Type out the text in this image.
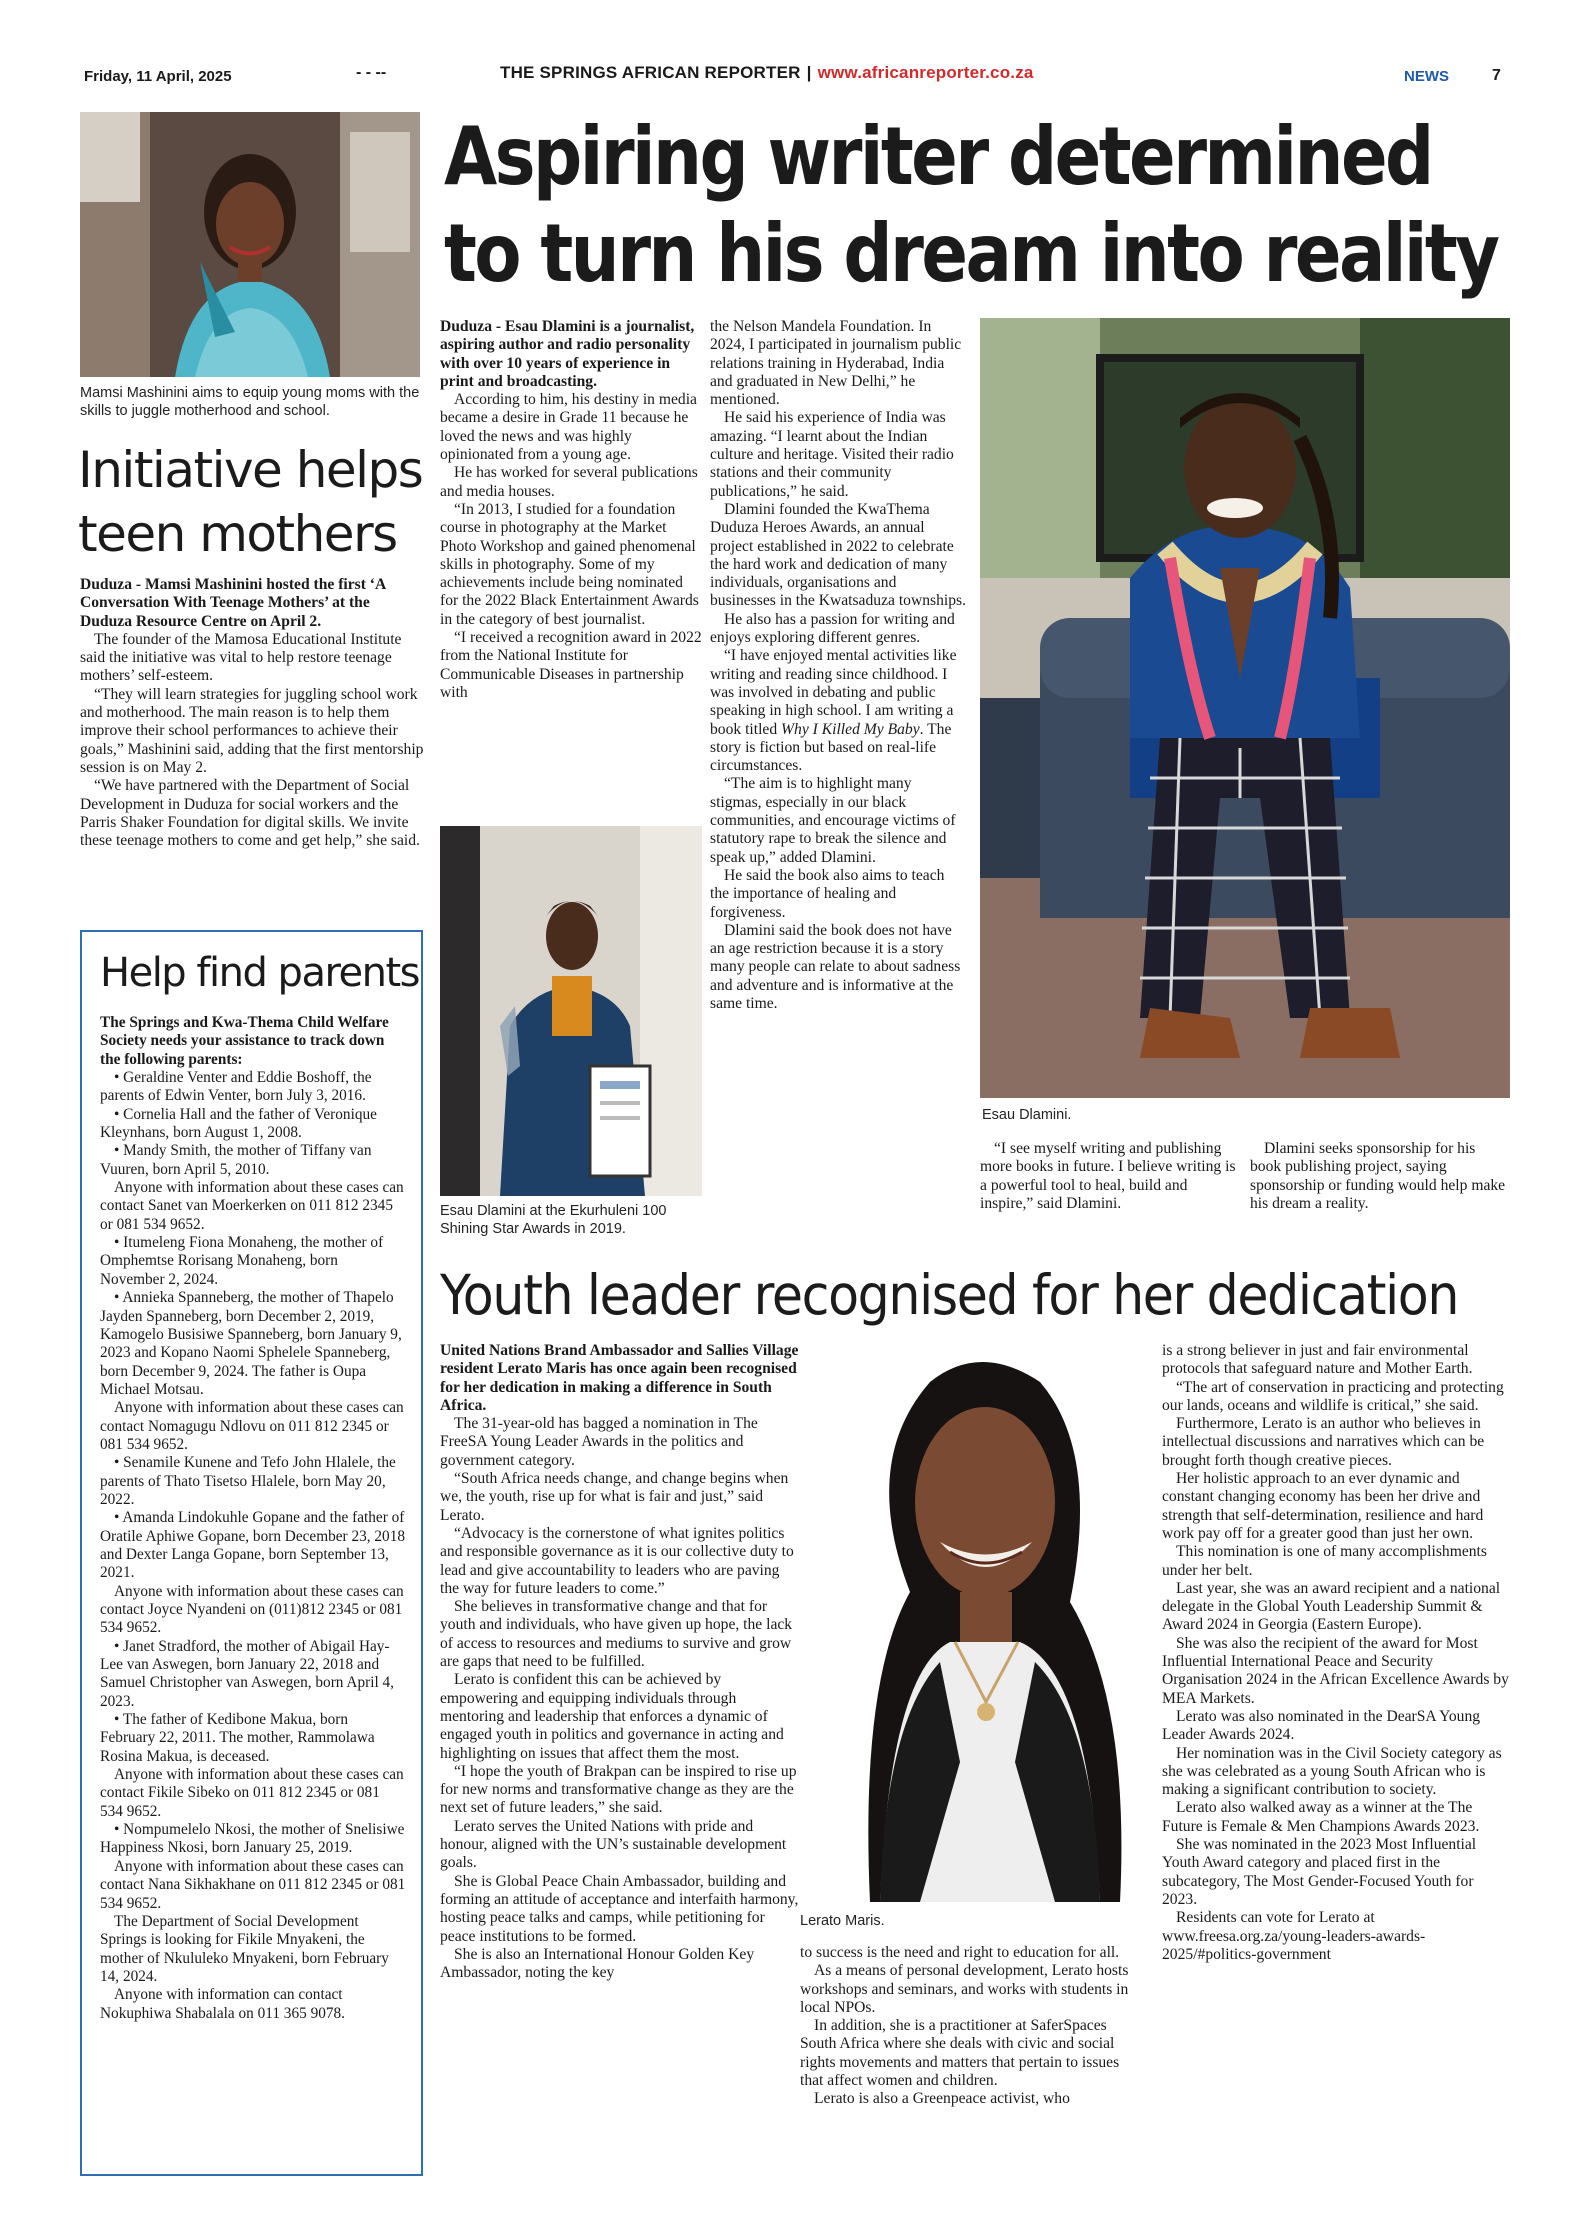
Friday, 11 April, 2025	- - --	THE SPRINGS AFRICAN REPORTER | www.africanreporter.co.za	NEWS	7
Mamsi Mashinini aims to equip young moms with the skills to juggle motherhood and school.
Initiative helps teen mothers

Duduza - Mamsi Mashinini hosted the first ‘A Conversation With Teenage Mothers’ at the Duduza Resource Centre on April 2.

The founder of the Mamosa Educational Institute said the initiative was vital to help restore teenage mothers’ self-esteem.

“They will learn strategies for juggling school work and motherhood. The main reason is to help them improve their school performances to achieve their goals,” Mashinini said, adding that the first mentorship session is on May 2.

“We have partnered with the Department of Social Development in Duduza for social workers and the Parris Shaker Foundation for digital skills. We invite these teenage mothers to come and get help,” she said.

Help find parents

The Springs and Kwa-Thema Child Welfare Society needs your assistance to track down the following parents:

• Geraldine Venter and Eddie Boshoff, the parents of Edwin Venter, born July 3, 2016.

• Cornelia Hall and the father of Veronique Kleynhans, born August 1, 2008.

• Mandy Smith, the mother of Tiffany van Vuuren, born April 5, 2010.

Anyone with information about these cases can contact Sanet van Moerkerken on 011 812 2345 or 081 534 9652.

• Itumeleng Fiona Monaheng, the mother of Omphemtse Rorisang Monaheng, born November 2, 2024.

• Annieka Spanneberg, the mother of Thapelo Jayden Spanneberg, born December 2, 2019, Kamogelo Busisiwe Spanneberg, born January 9, 2023 and Kopano Naomi Sphelele Spanneberg, born December 9, 2024. The father is Oupa Michael Motsau.

Anyone with information about these cases can contact Nomagugu Ndlovu on 011 812 2345 or 081 534 9652.

• Senamile Kunene and Tefo John Hlalele, the parents of Thato Tisetso Hlalele, born May 20, 2022.

• Amanda Lindokuhle Gopane and the father of Oratile Aphiwe Gopane, born December 23, 2018 and Dexter Langa Gopane, born September 13, 2021.

Anyone with information about these cases can contact Joyce Nyandeni on (011)812 2345 or 081 534 9652.

• Janet Stradford, the mother of Abigail Hay-Lee van Aswegen, born January 22, 2018 and Samuel Christopher van Aswegen, born April 4, 2023.

• The father of Kedibone Makua, born February 22, 2011. The mother, Rammolawa Rosina Makua, is deceased.

Anyone with information about these cases can contact Fikile Sibeko on 011 812 2345 or 081 534 9652.

• Nompumelelo Nkosi, the mother of Snelisiwe Happiness Nkosi, born January 25, 2019.

Anyone with information about these cases can contact Nana Sikhakhane on 011 812 2345 or 081 534 9652.

The Department of Social Development Springs is looking for Fikile Mnyakeni, the mother of Nkululeko Mnyakeni, born February 14, 2024.

Anyone with information can contact Nokuphiwa Shabalala on 011 365 9078.

Aspiring writer determined
to turn his dream into reality

Duduza - Esau Dlamini is a journalist, aspiring author and radio personality with over 10 years of experience in print and broadcasting.

According to him, his destiny in media became a desire in Grade 11 because he loved the news and was highly opinionated from a young age.

He has worked for several publications and media houses.

“In 2013, I studied for a foundation course in photography at the Market Photo Workshop and gained phenomenal skills in photography. Some of my achievements include being nominated for the 2022 Black Entertainment Awards in the category of best journalist.

“I received a recognition award in 2022 from the National Institute for Communicable Diseases in partnership with

Esau Dlamini at the Ekurhuleni 100 Shining Star Awards in 2019.

the Nelson Mandela Foundation. In 2024, I participated in journalism public relations training in Hyderabad, India and graduated in New Delhi,” he mentioned.

He said his experience of India was amazing. “I learnt about the Indian culture and heritage. Visited their radio stations and their community publications,” he said.

Dlamini founded the KwaThema Duduza Heroes Awards, an annual project established in 2022 to celebrate the hard work and dedication of many individuals, organisations and businesses in the Kwatsaduza townships.

He also has a passion for writing and enjoys exploring different genres.

“I have enjoyed mental activities like writing and reading since childhood. I was involved in debating and public speaking in high school. I am writing a book titled Why I Killed My Baby. The story is fiction but based on real-life circumstances.

“The aim is to highlight many stigmas, especially in our black communities, and encourage victims of statutory rape to break the silence and speak up,” added Dlamini.

He said the book also aims to teach the importance of healing and forgiveness.

Dlamini said the book does not have an age restriction because it is a story many people can relate to about sadness and adventure and is informative at the same time.

Esau Dlamini.

“I see myself writing and publishing more books in future. I believe writing is a powerful tool to heal, build and inspire,” said Dlamini.

Dlamini seeks sponsorship for his book publishing project, saying sponsorship or funding would help make his dream a reality.

Youth leader recognised for her dedication

United Nations Brand Ambassador and Sallies Village resident Lerato Maris has once again been recognised for her dedication in making a difference in South Africa.

The 31-year-old has bagged a nomination in The FreeSA Young Leader Awards in the politics and government category.

“South Africa needs change, and change begins when we, the youth, rise up for what is fair and just,” said Lerato.

“Advocacy is the cornerstone of what ignites politics and responsible governance as it is our collective duty to lead and give accountability to leaders who are paving the way for future leaders to come.”

She believes in transformative change and that for youth and individuals, who have given up hope, the lack of access to resources and mediums to survive and grow are gaps that need to be fulfilled.

Lerato is confident this can be achieved by empowering and equipping individuals through mentoring and leadership that enforces a dynamic of engaged youth in politics and governance in acting and highlighting on issues that affect them the most.

“I hope the youth of Brakpan can be inspired to rise up for new norms and transformative change as they are the next set of future leaders,” she said.

Lerato serves the United Nations with pride and honour, aligned with the UN’s sustainable development goals.

She is Global Peace Chain Ambassador, building and forming an attitude of acceptance and interfaith harmony, hosting peace talks and camps, while petitioning for peace institutions to be formed.

She is also an International Honour Golden Key Ambassador, noting the key

Lerato Maris.

to success is the need and right to education for all.

As a means of personal development, Lerato hosts workshops and seminars, and works with students in local NPOs.

In addition, she is a practitioner at SaferSpaces South Africa where she deals with civic and social rights movements and matters that pertain to issues that affect women and children.

Lerato is also a Greenpeace activist, who

is a strong believer in just and fair environmental protocols that safeguard nature and Mother Earth.

“The art of conservation in practicing and protecting our lands, oceans and wildlife is critical,” she said.

Furthermore, Lerato is an author who believes in intellectual discussions and narratives which can be brought forth though creative pieces.

Her holistic approach to an ever dynamic and constant changing economy has been her drive and strength that self-determination, resilience and hard work pay off for a greater good than just her own.

This nomination is one of many accomplishments under her belt.

Last year, she was an award recipient and a national delegate in the Global Youth Leadership Summit & Award 2024 in Georgia (Eastern Europe).

She was also the recipient of the award for Most Influential International Peace and Security Organisation 2024 in the African Excellence Awards by MEA Markets.

Lerato was also nominated in the DearSA Young Leader Awards 2024.

Her nomination was in the Civil Society category as she was celebrated as a young South African who is making a significant contribution to society.

Lerato also walked away as a winner at the The Future is Female & Men Champions Awards 2023.

She was nominated in the 2023 Most Influential Youth Award category and placed first in the subcategory, The Most Gender-Focused Youth for 2023.

Residents can vote for Lerato at www.freesa.org.za/young-leaders-awards-2025/#politics-government
